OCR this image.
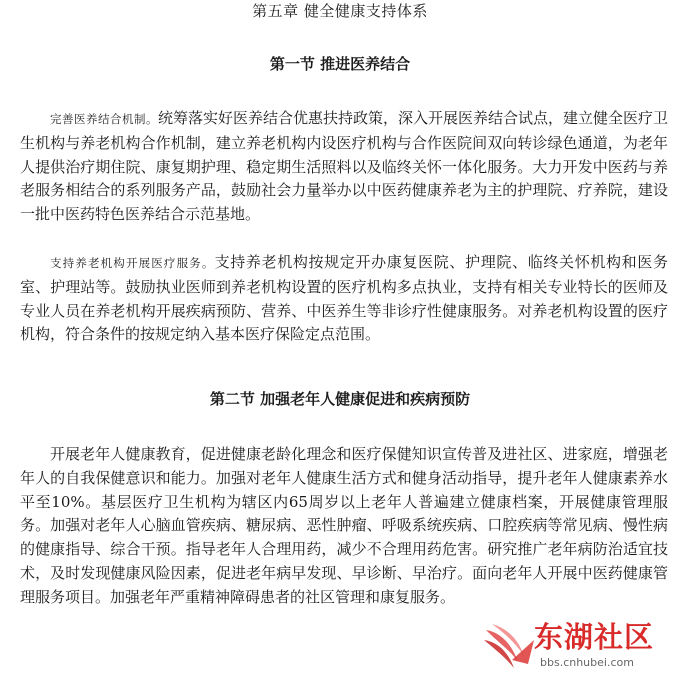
第五章 健全健康支持体系
第一节 推进医养结合

完善医养结合机制。统筹落实好医养结合优惠扶持政策，深入开展医养结合试点，建立健全医疗卫生机构与养老机构合作机制，建立养老机构内设医疗机构与合作医院间双向转诊绿色通道，为老年人提供治疗期住院、康复期护理、稳定期生活照料以及临终关怀一体化服务。大力开发中医药与养老服务相结合的系列服务产品，鼓励社会力量举办以中医药健康养老为主的护理院、疗养院，建设一批中医药特色医养结合示范基地。

支持养老机构开展医疗服务。支持养老机构按规定开办康复医院、护理院、临终关怀机构和医务室、护理站等。鼓励执业医师到养老机构设置的医疗机构多点执业，支持有相关专业特长的医师及专业人员在养老机构开展疾病预防、营养、中医养生等非诊疗性健康服务。对养老机构设置的医疗机构，符合条件的按规定纳入基本医疗保险定点范围。

第二节 加强老年人健康促进和疾病预防

开展老年人健康教育，促进健康老龄化理念和医疗保健知识宣传普及进社区、进家庭，增强老年人的自我保健意识和能力。加强对老年人健康生活方式和健身活动指导，提升老年人健康素养水平至10%。基层医疗卫生机构为辖区内65周岁以上老年人普遍建立健康档案，开展健康管理服务。加强对老年人心脑血管疾病、糖尿病、恶性肿瘤、呼吸系统疾病、口腔疾病等常见病、慢性病的健康指导、综合干预。指导老年人合理用药，减少不合理用药危害。研究推广老年病防治适宜技术，及时发现健康风险因素，促进老年病早发现、早诊断、早治疗。面向老年人开展中医药健康管理服务项目。加强老年严重精神障碍患者的社区管理和康复服务。

东湖社区
bbs.cnhubei.com
